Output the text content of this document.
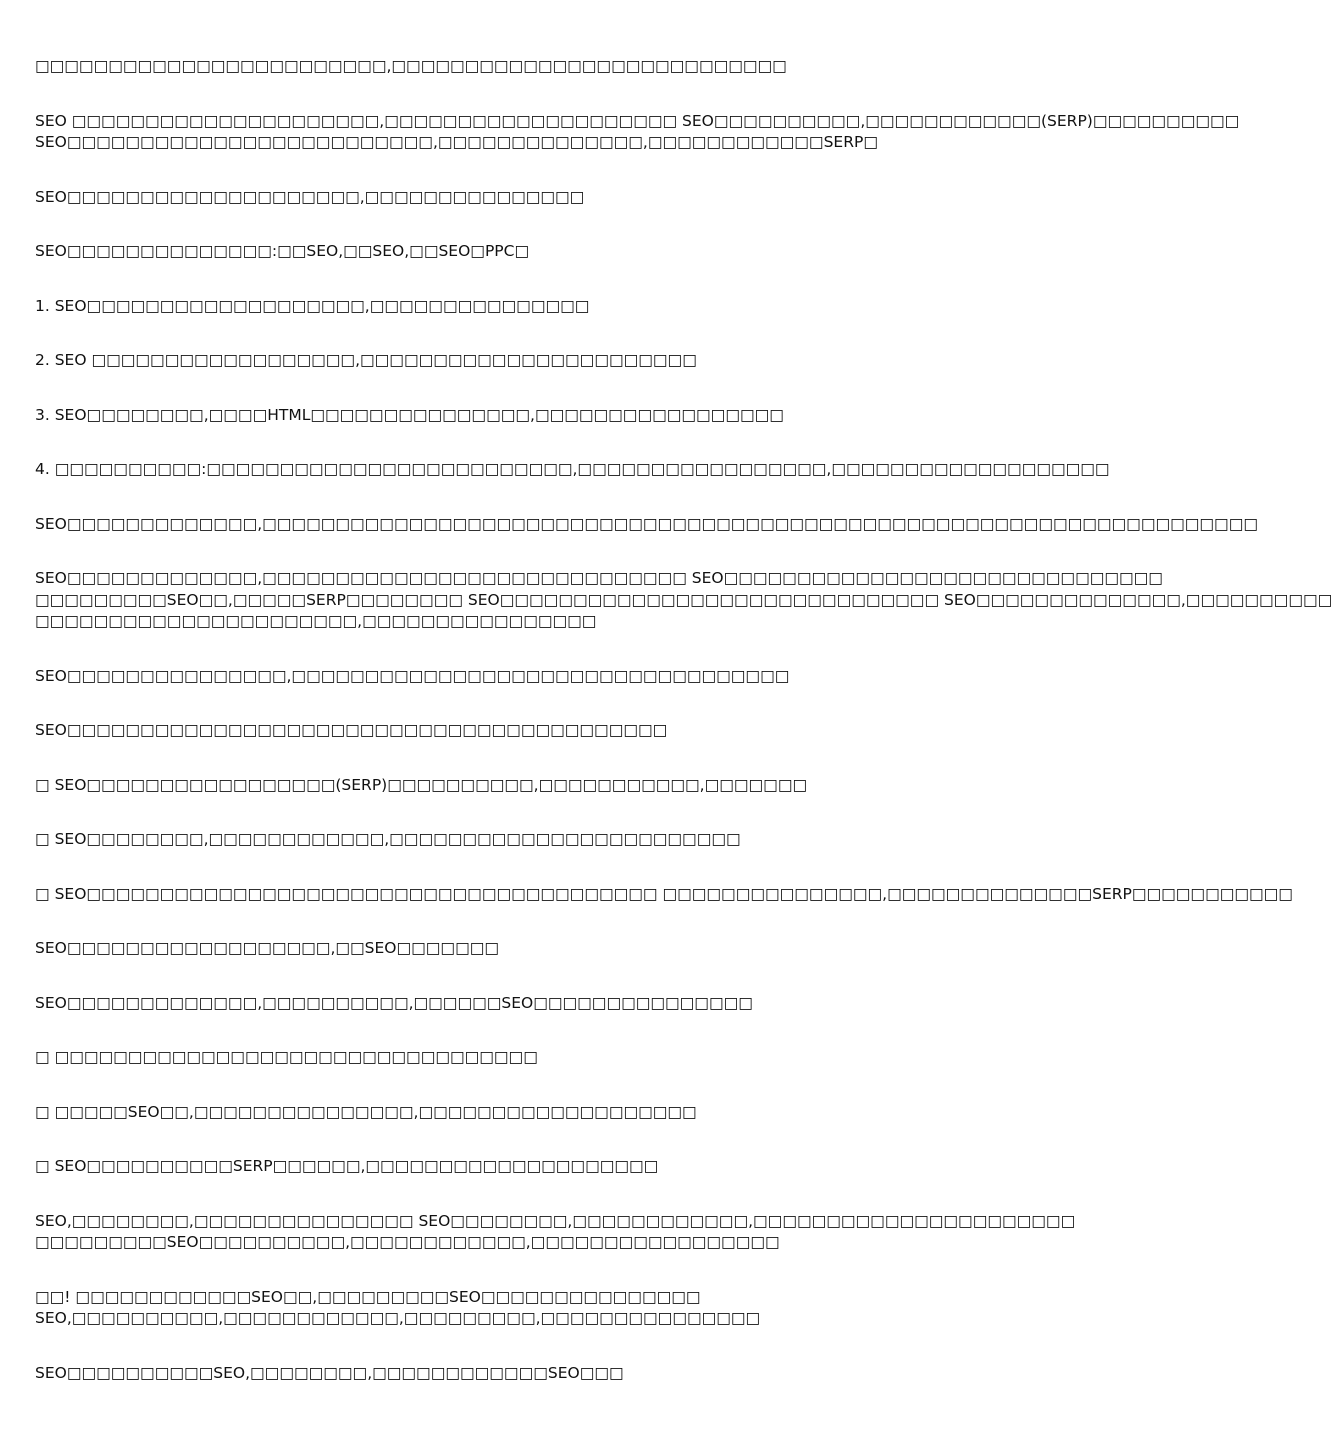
□□□□□□□□□□□□□□□□□□□□□□□□,□□□□□□□□□□□□□□□□□□□□□□□□□□□

SEO □□□□□□□□□□□□□□□□□□□□□,□□□□□□□□□□□□□□□□□□□□ SEO□□□□□□□□□□,□□□□□□□□□□□□(SERP)□□□□□□□□□□
SEO□□□□□□□□□□□□□□□□□□□□□□□□□,□□□□□□□□□□□□□□,□□□□□□□□□□□□SERP□

SEO□□□□□□□□□□□□□□□□□□□□,□□□□□□□□□□□□□□□

SEO□□□□□□□□□□□□□□:□□SEO,□□SEO,□□SEO□PPC□

1. SEO□□□□□□□□□□□□□□□□□□□,□□□□□□□□□□□□□□□

2. SEO □□□□□□□□□□□□□□□□□□,□□□□□□□□□□□□□□□□□□□□□□□

3. SEO□□□□□□□□,□□□□HTML□□□□□□□□□□□□□□□,□□□□□□□□□□□□□□□□□

4. □□□□□□□□□□:□□□□□□□□□□□□□□□□□□□□□□□□□,□□□□□□□□□□□□□□□□□,□□□□□□□□□□□□□□□□□□□

SEO□□□□□□□□□□□□□,□□□□□□□□□□□□□□□□□□□□□□□□□□□□□□□□□□□□□□□□□□□□□□□□□□□□□□□□□□□□□□□□□□□□

SEO□□□□□□□□□□□□□,□□□□□□□□□□□□□□□□□□□□□□□□□□□□□ SEO□□□□□□□□□□□□□□□□□□□□□□□□□□□□□□
□□□□□□□□□SEO□□,□□□□□SERP□□□□□□□□ SEO□□□□□□□□□□□□□□□□□□□□□□□□□□□□□□ SEO□□□□□□□□□□□□□□,□□□□□□□□□□
□□□□□□□□□□□□□□□□□□□□□□,□□□□□□□□□□□□□□□□

SEO□□□□□□□□□□□□□□□,□□□□□□□□□□□□□□□□□□□□□□□□□□□□□□□□□□

SEO□□□□□□□□□□□□□□□□□□□□□□□□□□□□□□□□□□□□□□□□□

□ SEO□□□□□□□□□□□□□□□□□(SERP)□□□□□□□□□□,□□□□□□□□□□□,□□□□□□□

□ SEO□□□□□□□□,□□□□□□□□□□□□,□□□□□□□□□□□□□□□□□□□□□□□□

□ SEO□□□□□□□□□□□□□□□□□□□□□□□□□□□□□□□□□□□□□□□ □□□□□□□□□□□□□□□,□□□□□□□□□□□□□□SERP□□□□□□□□□□□

SEO□□□□□□□□□□□□□□□□□□,□□SEO□□□□□□□

SEO□□□□□□□□□□□□□,□□□□□□□□□□,□□□□□□SEO□□□□□□□□□□□□□□□

□ □□□□□□□□□□□□□□□□□□□□□□□□□□□□□□□□□

□ □□□□□SEO□□,□□□□□□□□□□□□□□□,□□□□□□□□□□□□□□□□□□□

□ SEO□□□□□□□□□□SERP□□□□□□,□□□□□□□□□□□□□□□□□□□□

SEO,□□□□□□□□,□□□□□□□□□□□□□□□ SEO□□□□□□□□,□□□□□□□□□□□□,□□□□□□□□□□□□□□□□□□□□□□
□□□□□□□□□SEO□□□□□□□□□□,□□□□□□□□□□□□,□□□□□□□□□□□□□□□□□

□□! □□□□□□□□□□□□SEO□□,□□□□□□□□□SEO□□□□□□□□□□□□□□□
SEO,□□□□□□□□□□,□□□□□□□□□□□□,□□□□□□□□□,□□□□□□□□□□□□□□□

SEO□□□□□□□□□□SEO,□□□□□□□□,□□□□□□□□□□□□SEO□□□
